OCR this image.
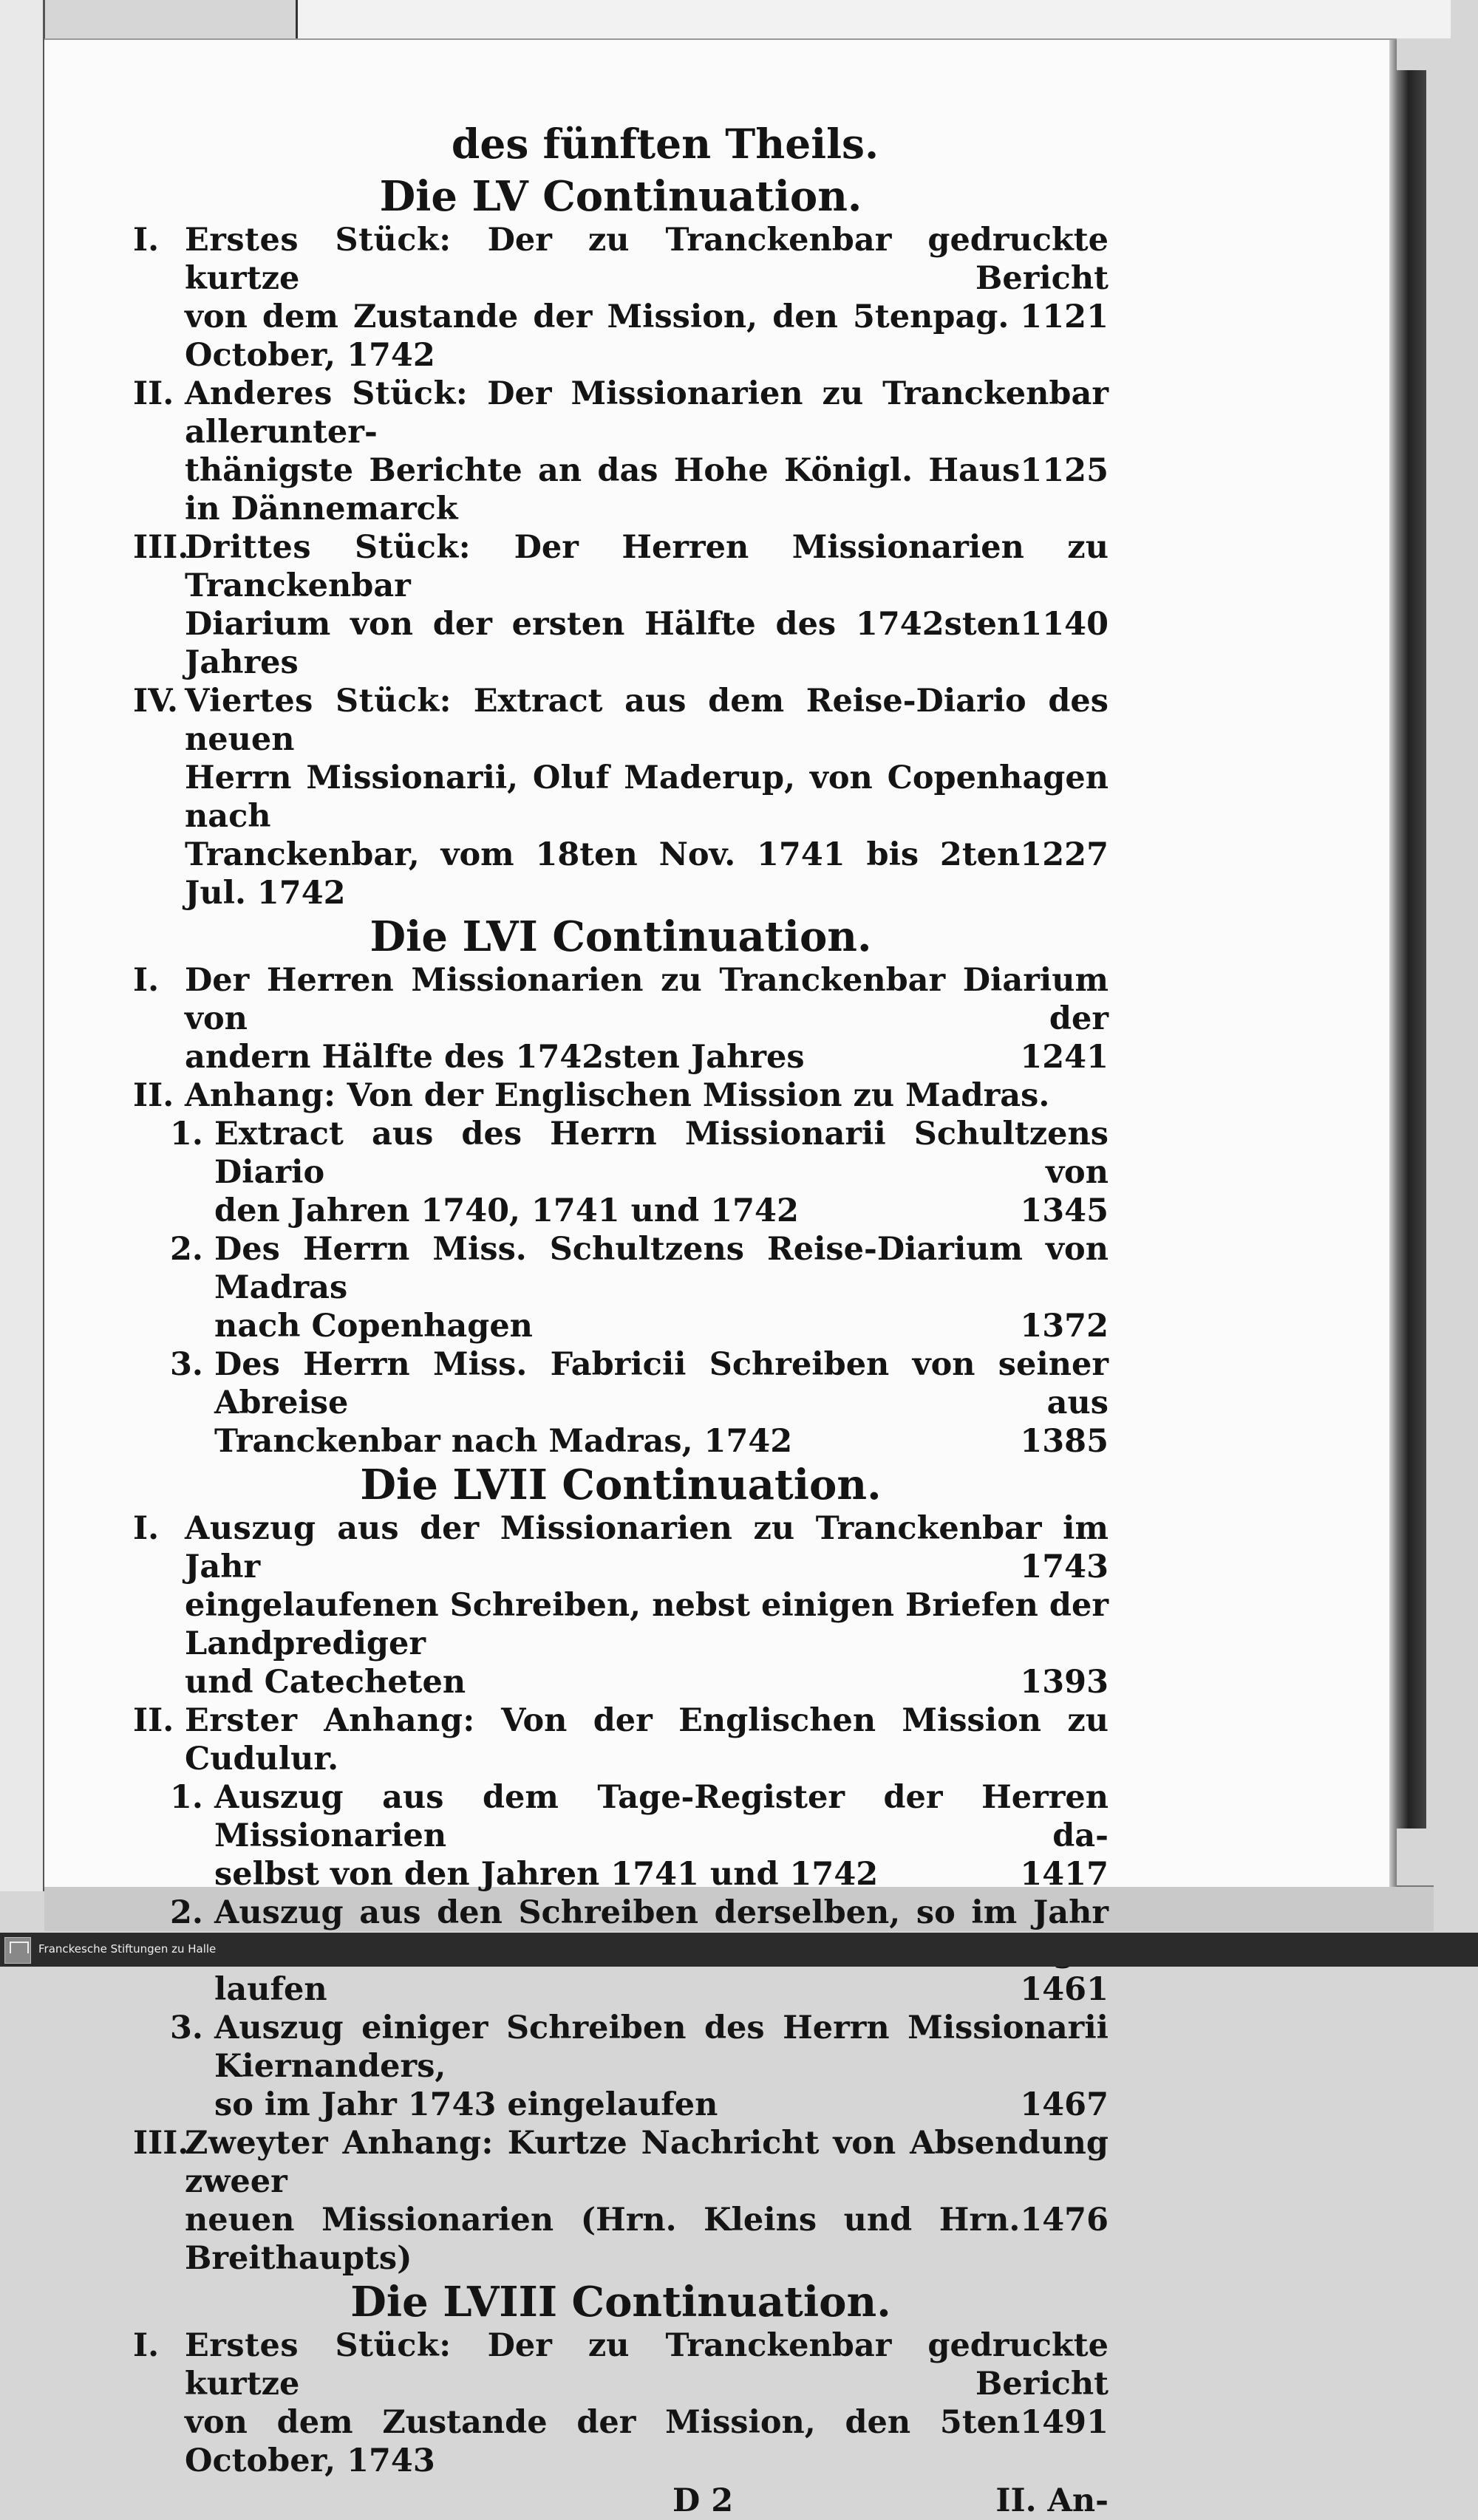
des fünften Theils.
Die LV Continuation.
I. Erstes Stück: Der zu Tranckenbar gedruckte kurtze Bericht
pag. 1121
von dem Zustande der Mission, den 5ten October, 1742
II. Anderes Stück: Der Missionarien zu Tranckenbar allerunter-
1125
thänigste Berichte an das Hohe Königl. Haus in Dännemarck
III.
Drittes Stück: Der Herren Missionarien zu Tranckenbar
1140
Diarium von der ersten Hälfte des 1742sten Jahres
IV. Viertes Stück: Extract aus dem Reise-Diario des neuen
Herrn Missionarii, Oluf Maderup, von Copenhagen nach
1227
Tranckenbar, vom 18ten Nov. 1741 bis 2ten Jul. 1742
Die LVI Continuation.
I. Der Herren Missionarien zu Tranckenbar Diarium von der
1241
andern Hälfte des 1742sten Jahres
II. Anhang: Von der Englischen Mission zu Madras.
1. Extract aus des Herrn Missionarii Schultzens Diario von
1345
den Jahren 1740, 1741 und 1742
2. Des Herrn Miss. Schultzens Reise-Diarium von Madras
1372
nach Copenhagen
3. Des Herrn Miss. Fabricii Schreiben von seiner Abreise aus
1385
Tranckenbar nach Madras, 1742
Die LVII Continuation.
I. Auszug aus der Missionarien zu Tranckenbar im Jahr 1743
eingelaufenen Schreiben, nebst einigen Briefen der Landprediger
1393
und Catecheten
II. Erster Anhang: Von der Englischen Mission zu Cudulur.
1. Auszug aus dem Tage-Register der Herren Missionarien da-
1417
selbst von den Jahren 1741 und 1742
2. Auszug aus den Schreiben derselben, so im Jahr
1461
laufen
3. Auszug einiger Schreiben des Herrn Missionarii Kiernanders,
1467
so im Jahr 1743 eingelaufen
III.
Zweyter Anhang: Kurtze Nachricht von Absendung zweer
1476
neuen Missionarien (Hrn. Kleins und Hrn. Breithaupts)
Die LVIII Continuation.
I. Erstes Stück: Der zu Tranckenbar gedruckte kurtze Bericht
1491
von dem Zustande der Mission, den 5ten October, 1743
D 2	II. An-
Franckesche Stiftungen zu Halle
